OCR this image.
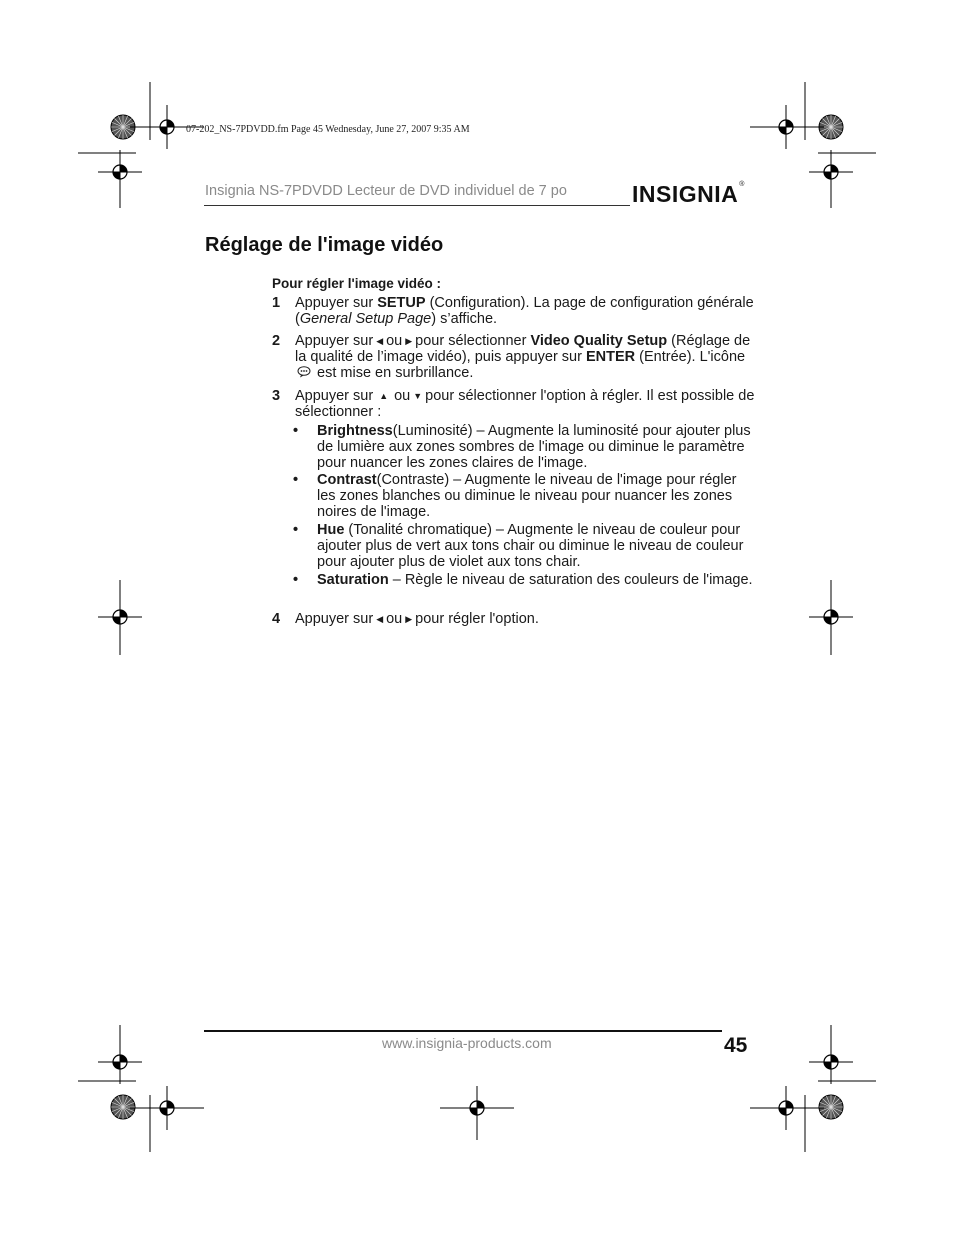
07-202_NS-7PDVDD.fm Page 45 Wednesday, June 27, 2007 9:35 AM
Insignia NS-7PDVDD Lecteur de DVD individuel de 7 po	INSIGNIA®
Réglage de l'image vidéo
Pour régler l'image vidéo :
1 Appuyer sur SETUP (Configuration). La page de configuration générale (General Setup Page) s’affiche.
2 Appuyer sur ◀ ou ▶ pour sélectionner Video Quality Setup (Réglage de la qualité de l’image vidéo), puis appuyer sur ENTER (Entrée). L'icône est mise en surbrillance.
3 Appuyer sur ▲ ou ▼ pour sélectionner l'option à régler. Il est possible de sélectionner :
• Brightness(Luminosité) – Augmente la luminosité pour ajouter plus de lumière aux zones sombres de l'image ou diminue le paramètre pour nuancer les zones claires de l'image.
• Contrast(Contraste) – Augmente le niveau de l'image pour régler les zones blanches ou diminue le niveau pour nuancer les zones noires de l'image.
• Hue (Tonalité chromatique) – Augmente le niveau de couleur pour ajouter plus de vert aux tons chair ou diminue le niveau de couleur pour ajouter plus de violet aux tons chair.
• Saturation – Règle le niveau de saturation des couleurs de l'image.
4 Appuyer sur ◀ ou ▶ pour régler l'option.
www.insignia-products.com	45
